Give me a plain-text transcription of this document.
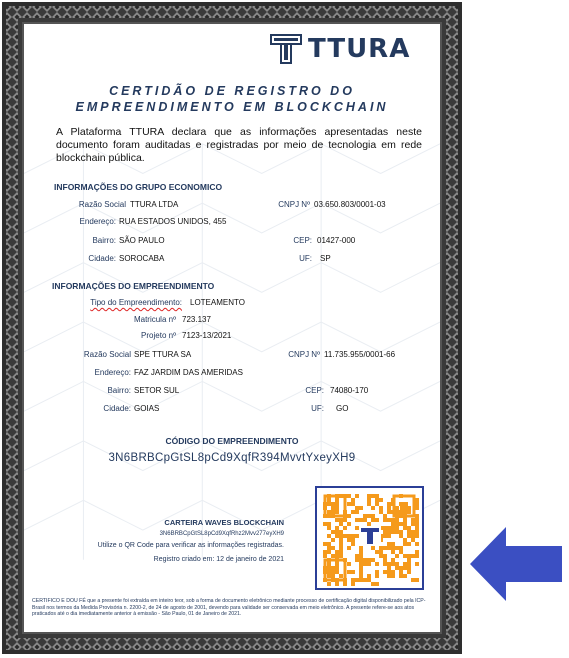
TTURA
CERTIDÃO DE REGISTRO DO
EMPREENDIMENTO EM BLOCKCHAIN
A Plataforma TTURA declara que as informações apresentadas neste documento foram auditadas e registradas por meio de tecnologia em rede blockchain pública.
INFORMAÇÕES DO GRUPO ECONOMICO
Razão Social TTURA LTDA	CNPJ Nº 03.650.803/0001-03
Endereço: RUA ESTADOS UNIDOS, 455
Bairro: SÃO PAULO	CEP: 01427-000
Cidade: SOROCABA	UF: SP
INFORMAÇÕES DO EMPREENDIMENTO
Tipo do Empreendimento: LOTEAMENTO
Matricula nº 723.137
Projeto nº 7123-13/2021
Razão Social SPE TTURA SA	CNPJ Nº 11.735.955/0001-66
Endereço: FAZ JARDIM DAS AMERIDAS
Bairro: SETOR SUL	CEP: 74080-170
Cidade: GOIAS	UF: GO
CÓDIGO DO EMPREENDIMENTO
3N6BRBCpGtSL8pCd9XqfR394MvvtYxeyXH9
CARTEIRA WAVES BLOCKCHAIN
3N6BRBCpGtSL8pCd9XqfRhz2Mvv277eyXH9
Utilize o QR Code para verificar as informações registradas.
Registro criado em: 12 de janeiro de 2021
CERTIFICO E DOU FÉ que a presente foi extraída em inteiro teor, sob a forma de documento eletrônico mediante processo de certificação digital disponibilizado pela ICP-Brasil nos termos da Medida Provisória n. 2200-2, de 24 de agosto de 2001, devendo para validade ser conservada em meio eletrônico. A presente refere-se aos atos praticados até o dia imediatamente anterior à emissão - São Paulo, 01 de Janeiro de 2021.
